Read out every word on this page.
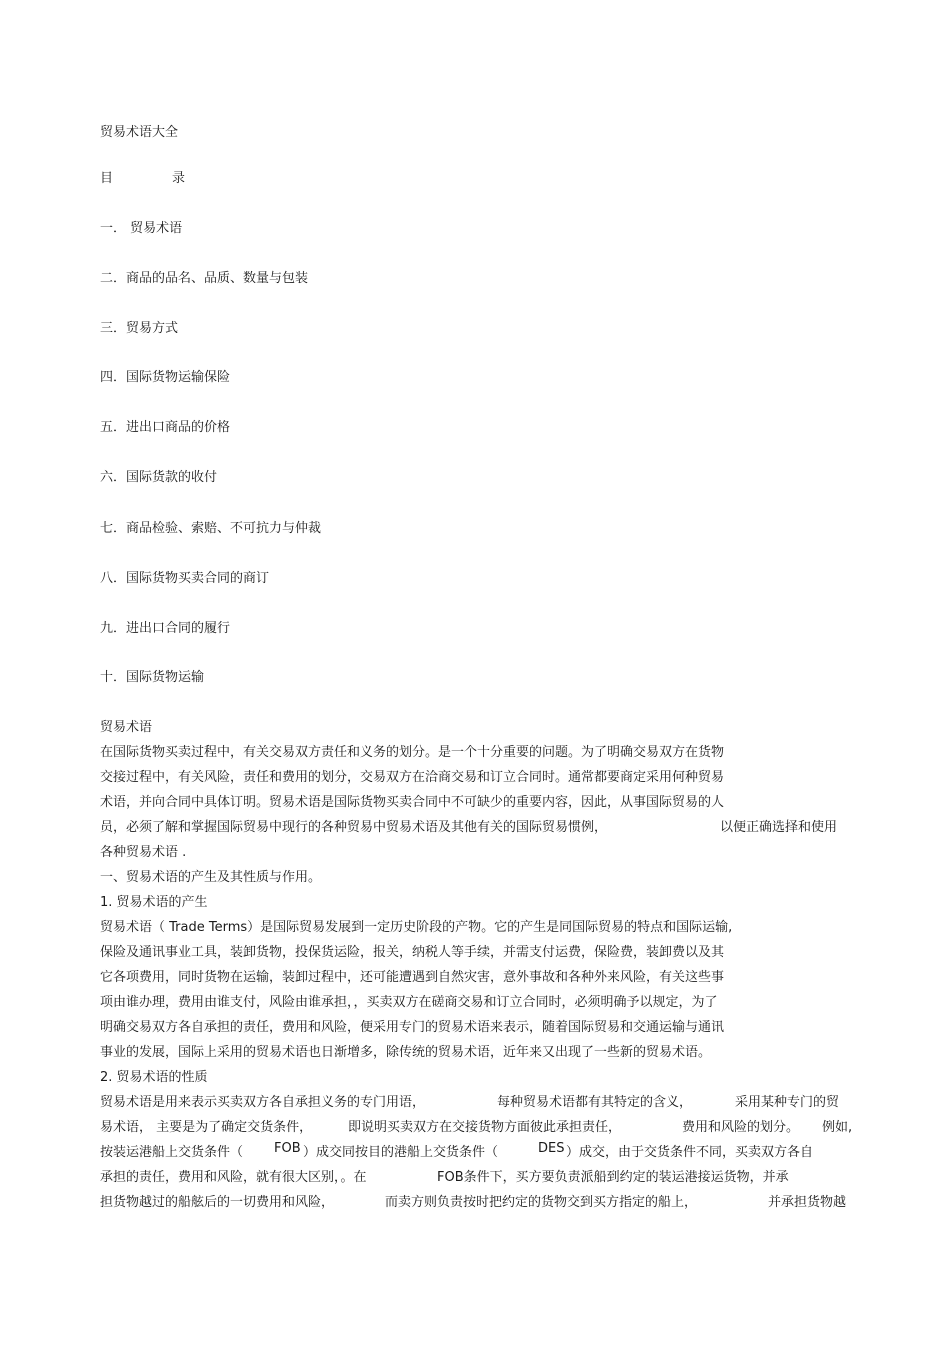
贸易术语大全
目	录
一． 贸易术语
二．商品的品名、品质、数量与包装
三．贸易方式
四．国际货物运输保险
五．进出口商品的价格
六．国际货款的收付
七．商品检验、索赔、不可抗力与仲裁
八．国际货物买卖合同的商订
九．进出口合同的履行
十．国际货物运输
贸易术语
在国际货物买卖过程中，有关交易双方责任和义务的划分。是一个十分重要的问题。为了明确交易双方在货物
交接过程中，有关风险，责任和费用的划分，交易双方在洽商交易和订立合同时。通常都要商定采用何种贸易
术语，并向合同中具体订明。贸易术语是国际货物买卖合同中不可缺少的重要内容，因此，从事国际贸易的人
员，必须了解和掌握国际贸易中现行的各种贸易中贸易术语及其他有关的国际贸易惯例，	以便正确选择和使用
各种贸易术语 .
一、贸易术语的产生及其性质与作用。
1. 贸易术语的产生
贸易术语（ Trade Terms）是国际贸易发展到一定历史阶段的产物。它的产生是同国际贸易的特点和国际运输,
保险及通讯事业工具，装卸货物，投保货运险，报关，纳税人等手续，并需支付运费，保险费，装卸费以及其
它各项费用，同时货物在运输，装卸过程中，还可能遭遇到自然灾害，意外事故和各种外来风险，有关这些事
项由谁办理，费用由谁支付，风险由谁承担，，买卖双方在磋商交易和订立合同时，必须明确予以规定，为了
明确交易双方各自承担的责任，费用和风险，便采用专门的贸易术语来表示，随着国际贸易和交通运输与通讯
事业的发展，国际上采用的贸易术语也日渐增多，除传统的贸易术语，近年来又出现了一些新的贸易术语。
2. 贸易术语的性质
贸易术语是用来表示买卖双方各自承担义务的专门用语，	每种贸易术语都有其特定的含义，	采用某种专门的贸
易术语， 主要是为了确定交货条件，	即说明买卖双方在交接货物方面彼此承担责任，	费用和风险的划分。 例如,
按装运港船上交货条件（ FOB ）成交同按目的港船上交货条件（	DES ）成交，由于交货条件不同，买卖双方各自
承担的责任，费用和风险，就有很大区别，。在	FOB条件下，买方要负责派船到约定的装运港接运货物，并承
担货物越过的船舷后的一切费用和风险，	而卖方则负责按时把约定的货物交到买方指定的船上，	并承担货物越
